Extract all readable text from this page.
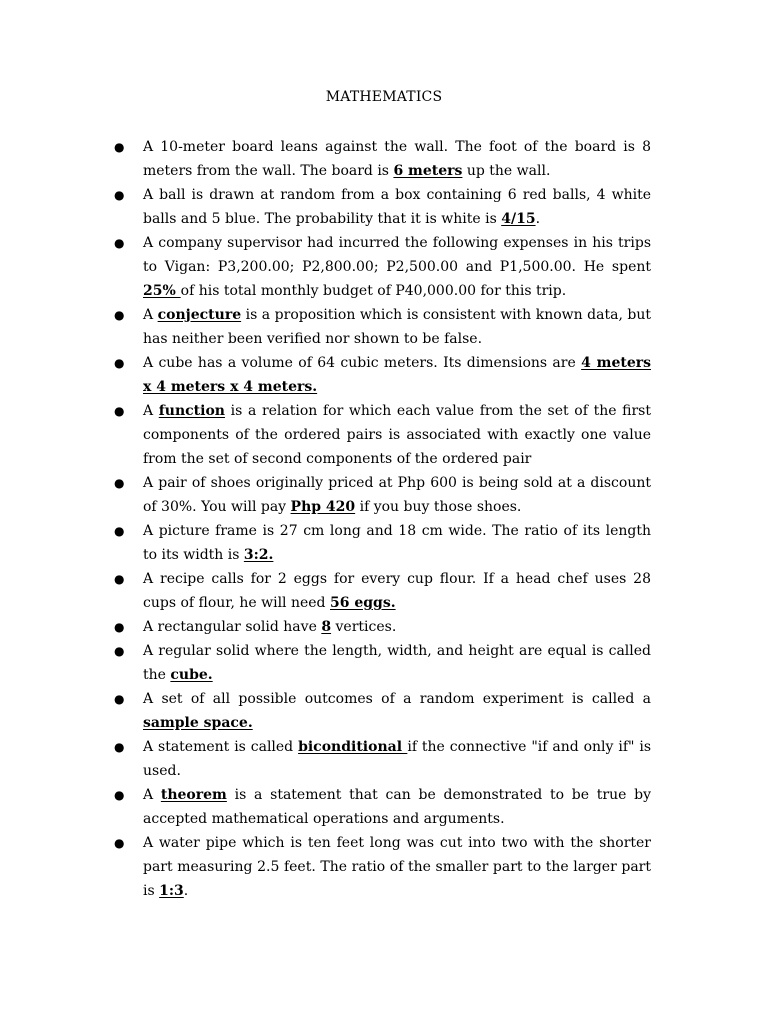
MATHEMATICS
● A 10-meter board leans against the wall. The foot of the board is 8 meters from the wall. The board is 6 meters up the wall.
● A ball is drawn at random from a box containing 6 red balls, 4 white balls and 5 blue. The probability that it is white is 4/15.
● A company supervisor had incurred the following expenses in his trips to Vigan: P3,200.00; P2,800.00; P2,500.00 and P1,500.00. He spent 25% of his total monthly budget of P40,000.00 for this trip.
● A conjecture is a proposition which is consistent with known data, but has neither been verified nor shown to be false.
● A cube has a volume of 64 cubic meters. Its dimensions are 4 meters x 4 meters x 4 meters.
● A function is a relation for which each value from the set of the first components of the ordered pairs is associated with exactly one value from the set of second components of the ordered pair
● A pair of shoes originally priced at Php 600 is being sold at a discount of 30%. You will pay Php 420 if you buy those shoes.
● A picture frame is 27 cm long and 18 cm wide. The ratio of its length to its width is 3:2.
● A recipe calls for 2 eggs for every cup flour. If a head chef uses 28 cups of flour, he will need 56 eggs.
● A rectangular solid have 8 vertices.
● A regular solid where the length, width, and height are equal is called the cube.
● A set of all possible outcomes of a random experiment is called a sample space.
● A statement is called biconditional if the connective "if and only if" is used.
● A theorem is a statement that can be demonstrated to be true by accepted mathematical operations and arguments.
● A water pipe which is ten feet long was cut into two with the shorter part measuring 2.5 feet. The ratio of the smaller part to the larger part is 1:3.
